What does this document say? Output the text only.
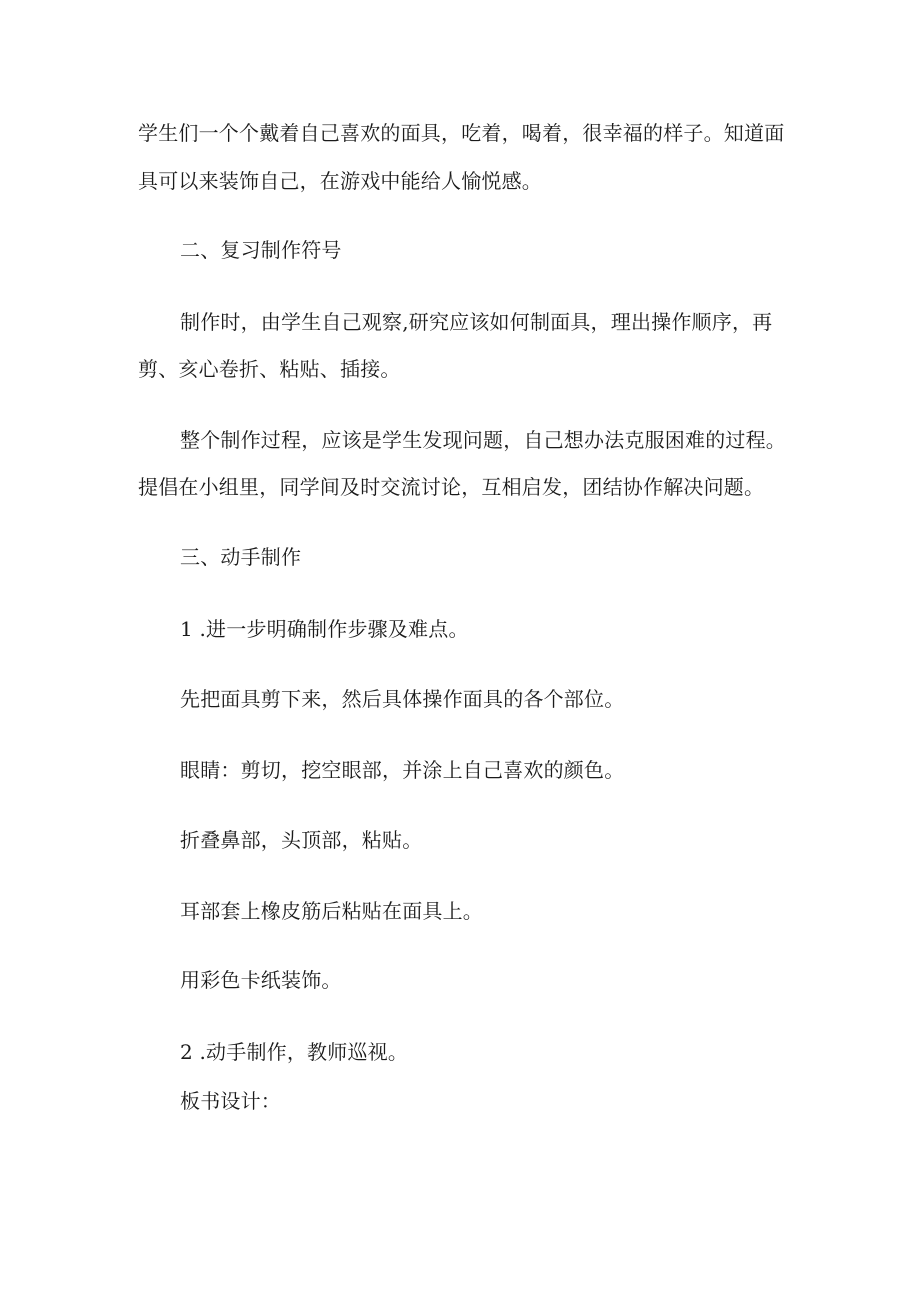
学生们一个个戴着自己喜欢的面具，吃着，喝着，很幸福的样子。知道面
具可以来装饰自己，在游戏中能给人愉悦感。
二、复习制作符号
制作时，由学生自己观察,研究应该如何制面具，理出操作顺序，再
剪、亥心卷折、粘贴、插接。
整个制作过程，应该是学生发现问题，自己想办法克服困难的过程。
提倡在小组里，同学间及时交流讨论，互相启发，团结协作解决问题。
三、动手制作
1 .进一步明确制作步骤及难点。
先把面具剪下来，然后具体操作面具的各个部位。
眼睛：剪切，挖空眼部，并涂上自己喜欢的颜色。
折叠鼻部，头顶部，粘贴。
耳部套上橡皮筋后粘贴在面具上。
用彩色卡纸装饰。
2 .动手制作，教师巡视。
板书设计：
